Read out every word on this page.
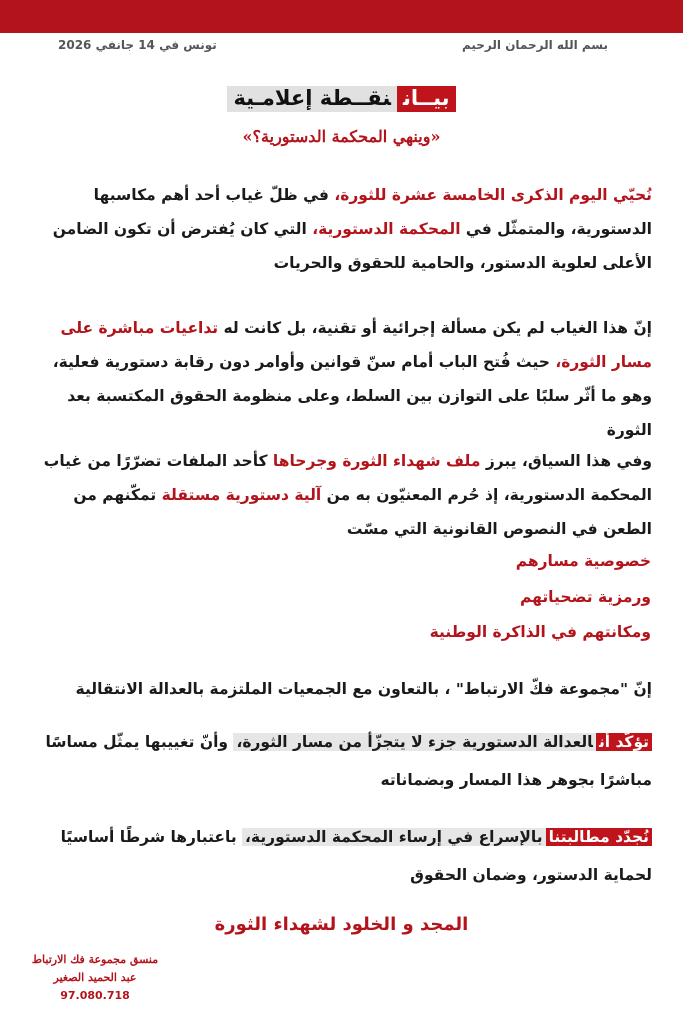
بسم الله الرحمان الرحيم
تونس في 14 جانفي 2026
بيــاننقــطة إعلامـية
«وينهي المحكمة الدستورية؟»
نُحيّي اليوم الذكرى الخامسة عشرة للثورة، في ظلّ غياب أحد أهم مكاسبها الدستورية، والمتمثّل في المحكمة الدستورية، التي كان يُفترض أن تكون الضامن الأعلى لعلوية الدستور، والحامية للحقوق والحريات
إنّ هذا الغياب لم يكن مسألة إجرائية أو تقنية، بل كانت له تداعيات مباشرة على مسار الثورة، حيث فُتح الباب أمام سنّ قوانين وأوامر دون رقابة دستورية فعلية، وهو ما أثّر سلبًا على التوازن بين السلط، وعلى منظومة الحقوق المكتسبة بعد الثورة
وفي هذا السياق، يبرز ملف شهداء الثورة وجرحاها كأحد الملفات تضرّرًا من غياب المحكمة الدستورية، إذ حُرم المعنيّون به من آلية دستورية مستقلة تمكّنهم من الطعن في النصوص القانونية التي مسّت
خصوصية مسارهم
ورمزية تضحياتهم
ومكانتهم في الذاكرة الوطنية
إنّ "مجموعة فكّ الارتباط" ، بالتعاون مع الجمعيات الملتزمة بالعدالة الانتقالية
تؤكّد أنالعدالة الدستورية جزء لا يتجزّأ من مسار الثورة، وأنّ تغييبها يمثّل مساسًا مباشرًا بجوهر هذا المسار وبضماناته
نُجدّد مطالبتنابالإسراع في إرساء المحكمة الدستورية، باعتبارها شرطًا أساسيًا لحماية الدستور، وضمان الحقوق
المجد و الخلود لشهداء الثورة
منسق مجموعة فك الارتباط
عبد الحميد الصغير
97.080.718
